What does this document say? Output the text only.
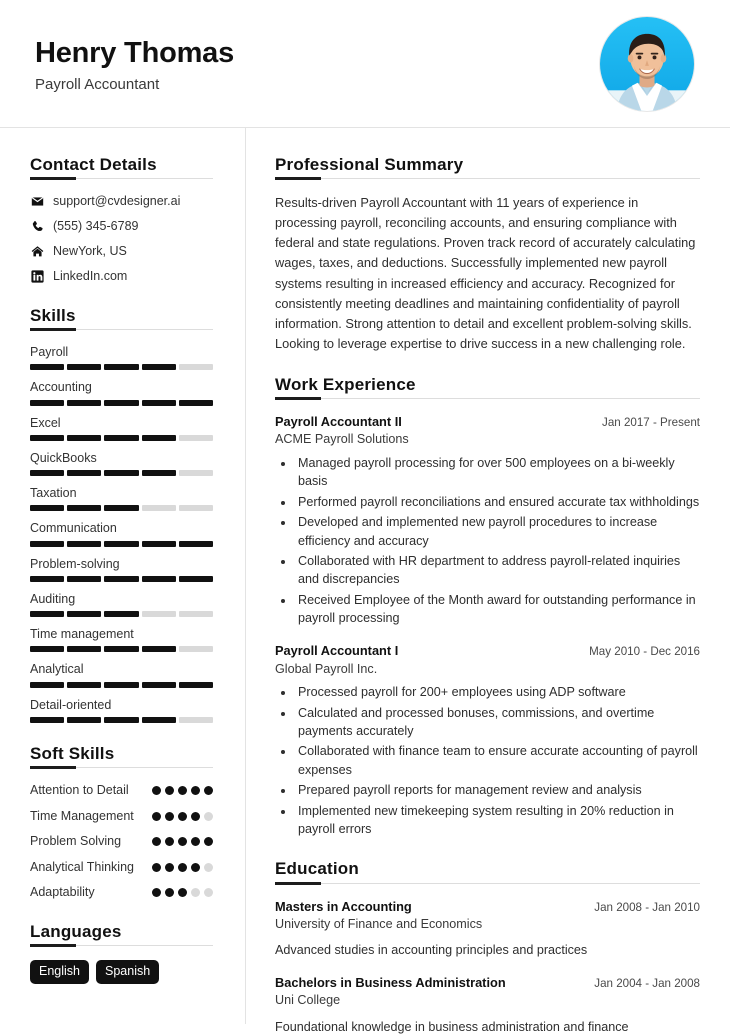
Henry Thomas
Payroll Accountant
Contact Details
support@cvdesigner.ai
(555) 345-6789
NewYork, US
LinkedIn.com
Skills
Payroll
Accounting
Excel
QuickBooks
Taxation
Communication
Problem-solving
Auditing
Time management
Analytical
Detail-oriented
Soft Skills
Attention to Detail
Time Management
Problem Solving
Analytical Thinking
Adaptability
Languages
English	Spanish
Professional Summary

Results-driven Payroll Accountant with 11 years of experience in processing payroll, reconciling accounts, and ensuring compliance with federal and state regulations. Proven track record of accurately calculating wages, taxes, and deductions. Successfully implemented new payroll systems resulting in increased efficiency and accuracy. Recognized for consistently meeting deadlines and maintaining confidentiality of payroll information. Strong attention to detail and excellent problem-solving skills. Looking to leverage expertise to drive success in a new challenging role.

Work Experience
Payroll Accountant II	Jan 2017 - Present
ACME Payroll Solutions
• Managed payroll processing for over 500 employees on a bi-weekly basis
• Performed payroll reconciliations and ensured accurate tax withholdings
• Developed and implemented new payroll procedures to increase efficiency and accuracy
• Collaborated with HR department to address payroll-related inquiries and discrepancies
• Received Employee of the Month award for outstanding performance in payroll processing
Payroll Accountant I	May 2010 - Dec 2016
Global Payroll Inc.
• Processed payroll for 200+ employees using ADP software
• Calculated and processed bonuses, commissions, and overtime payments accurately
• Collaborated with finance team to ensure accurate accounting of payroll expenses
• Prepared payroll reports for management review and analysis
• Implemented new timekeeping system resulting in 20% reduction in payroll errors
Education
Masters in Accounting	Jan 2008 - Jan 2010
University of Finance and Economics
Advanced studies in accounting principles and practices
Bachelors in Business Administration	Jan 2004 - Jan 2008
Uni College
Foundational knowledge in business administration and finance
